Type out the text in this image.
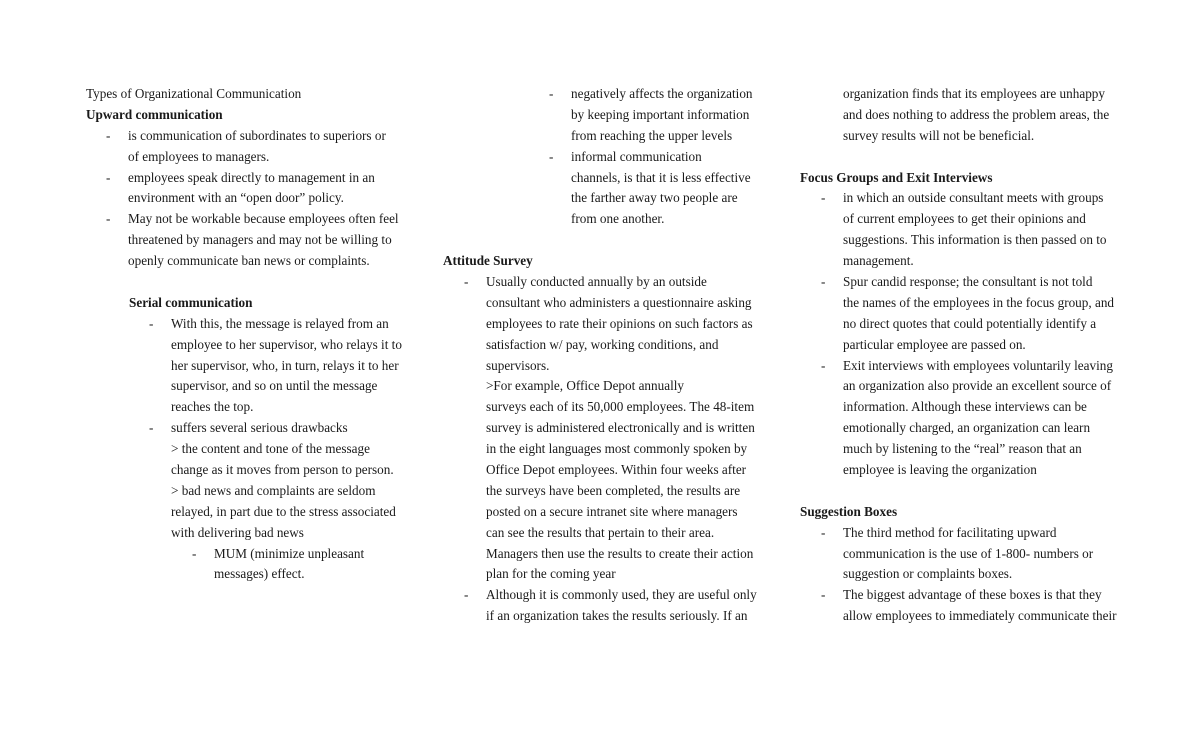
Types of Organizational Communication
Upward communication
- is communication of subordinates to superiors or
of employees to managers.
- employees speak directly to management in an
environment with an “open door” policy.
- May not be workable because employees often feel
threatened by managers and may not be willing to
openly communicate ban news or complaints.
Serial communication
- With this, the message is relayed from an
employee to her supervisor, who relays it to
her supervisor, who, in turn, relays it to her
supervisor, and so on until the message
reaches the top.
- suffers several serious drawbacks
> the content and tone of the message
change as it moves from person to person.
> bad news and complaints are seldom
relayed, in part due to the stress associated
with delivering bad news
- MUM (minimize unpleasant
messages) effect.
- negatively affects the organization
by keeping important information
from reaching the upper levels
- informal communication
channels, is that it is less effective
the farther away two people are
from one another.
Attitude Survey
- Usually conducted annually by an outside
consultant who administers a questionnaire asking
employees to rate their opinions on such factors as
satisfaction w/ pay, working conditions, and
supervisors.
>For example, Office Depot annually
surveys each of its 50,000 employees. The 48-item
survey is administered electronically and is written
in the eight languages most commonly spoken by
Office Depot employees. Within four weeks after
the surveys have been completed, the results are
posted on a secure intranet site where managers
can see the results that pertain to their area.
Managers then use the results to create their action
plan for the coming year
- Although it is commonly used, they are useful only
if an organization takes the results seriously. If an
organization finds that its employees are unhappy
and does nothing to address the problem areas, the
survey results will not be beneficial.
Focus Groups and Exit Interviews
- in which an outside consultant meets with groups
of current employees to get their opinions and
suggestions. This information is then passed on to
management.
- Spur candid response; the consultant is not told
the names of the employees in the focus group, and
no direct quotes that could potentially identify a
particular employee are passed on.
- Exit interviews with employees voluntarily leaving
an organization also provide an excellent source of
information. Although these interviews can be
emotionally charged, an organization can learn
much by listening to the “real” reason that an
employee is leaving the organization
Suggestion Boxes
- The third method for facilitating upward
communication is the use of 1-800- numbers or
suggestion or complaints boxes.
- The biggest advantage of these boxes is that they
allow employees to immediately communicate their
